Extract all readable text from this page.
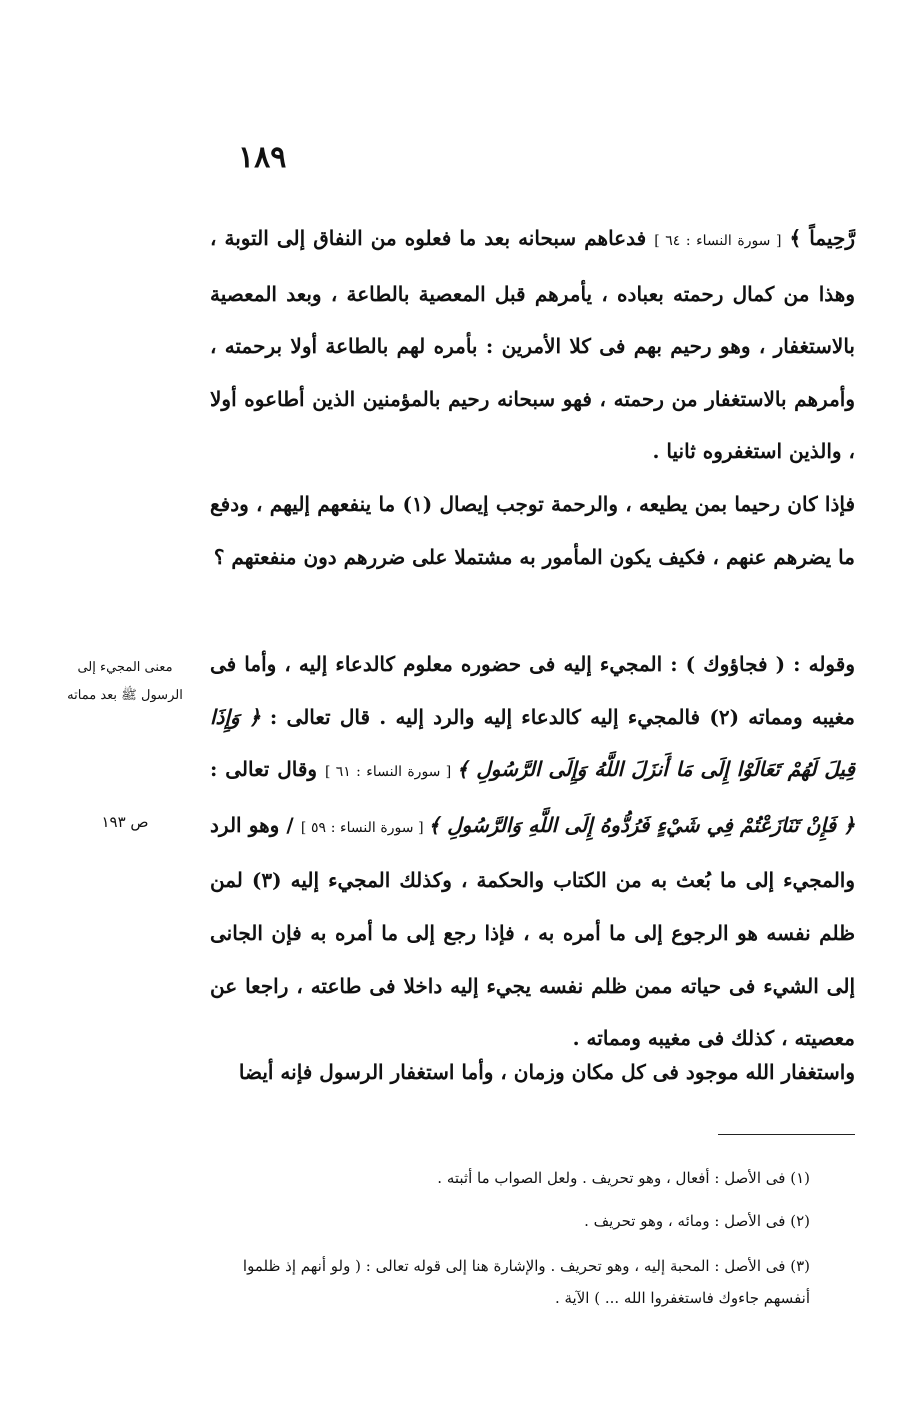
١٨٩

رَّحِيماً ﴾ [ سورة النساء : ٦٤ ] فدعاهم سبحانه بعد ما فعلوه من النفاق إلى التوبة ، وهذا من كمال رحمته بعباده ، يأمرهم قبل المعصية بالطاعة ، وبعد المعصية بالاستغفار ، وهو رحيم بهم فى كلا الأمرين : بأمره لهم بالطاعة أولا برحمته ، وأمرهم بالاستغفار من رحمته ، فهو سبحانه رحيم بالمؤمنين الذين أطاعوه أولا ، والذين استغفروه ثانيا .

فإذا كان رحيما بمن يطيعه ، والرحمة توجب إيصال (١) ما ينفعهم إليهم ، ودفع ما يضرهم عنهم ، فكيف يكون المأمور به مشتملا على ضررهم دون منفعتهم ؟

وقوله : ( فجاؤوك ) : المجيء إليه فى حضوره معلوم كالدعاء إليه ، وأما فى مغيبه ومماته (٢) فالمجيء إليه كالدعاء إليه والرد إليه . قال تعالى : ﴿ وَإِذَا قِيلَ لَهُمْ تَعَالَوْا إِلَى مَا أَنزَلَ اللَّهُ وَإِلَى الرَّسُولِ ﴾ [ سورة النساء : ٦١ ] وقال تعالى : ﴿ فَإِنْ تَنَازَعْتُمْ فِي شَيْءٍ فَرُدُّوهُ إِلَى اللَّهِ وَالرَّسُولِ ﴾ [ سورة النساء : ٥٩ ] / وهو الرد والمجيء إلى ما بُعث به من الكتاب والحكمة ، وكذلك المجيء إليه (٣) لمن ظلم نفسه هو الرجوع إلى ما أمره به ، فإذا رجع إلى ما أمره به فإن الجانى إلى الشيء فى حياته ممن ظلم نفسه يجيء إليه داخلا فى طاعته ، راجعا عن معصيته ، كذلك فى مغيبه ومماته .

واستغفار الله موجود فى كل مكان وزمان ، وأما استغفار الرسول فإنه أيضا

معنى المجيء إلى الرسول ﷺ بعد مماته

ص ١٩٣

(١) فى الأصل : أفعال ، وهو تحريف . ولعل الصواب ما أثبته .

(٢) فى الأصل : ومائه ، وهو تحريف .

(٣) فى الأصل : المحبة إليه ، وهو تحريف . والإشارة هنا إلى قوله تعالى : ( ولو أنهم إذ ظلموا أنفسهم جاءوك فاستغفروا الله ... ) الآية .
